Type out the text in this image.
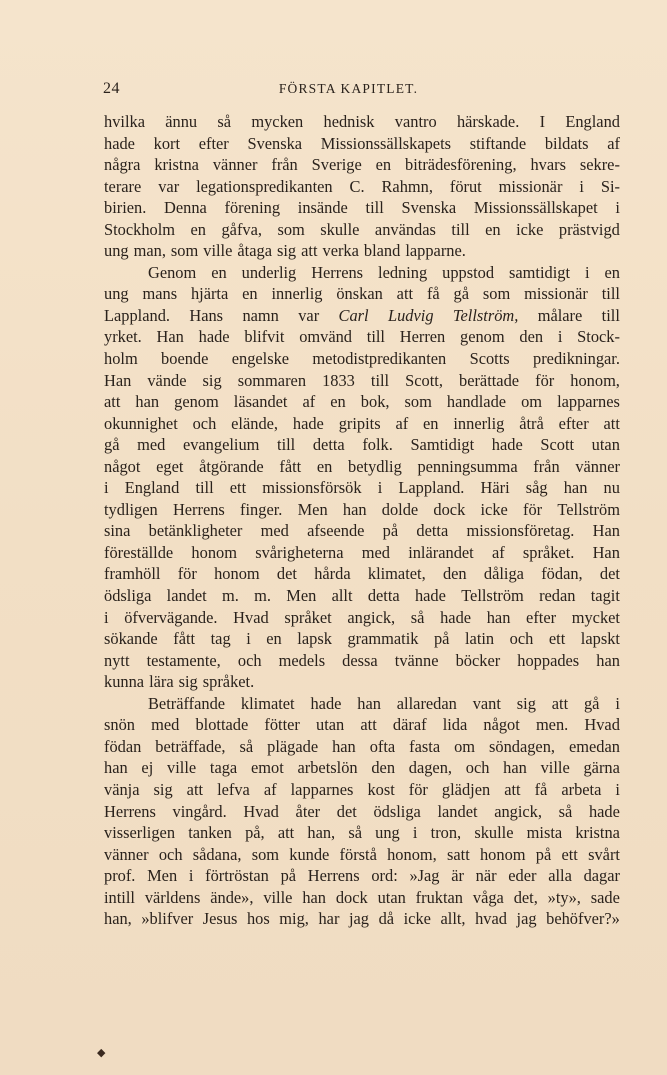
24	FÖRSTA KAPITLET.
hvilka ännu så mycken hednisk vantro härskade. I England
hade kort efter Svenska Missionssällskapets stiftande bildats af
några kristna vänner från Sverige en biträdesförening, hvars sekre-
terare var legationspredikanten C. Rahmn, förut missionär i Si-
birien. Denna förening insände till Svenska Missionssällskapet i
Stockholm en gåfva, som skulle användas till en icke prästvigd
ung man, som ville åtaga sig att verka bland lapparne.
Genom en underlig Herrens ledning uppstod samtidigt i en
ung mans hjärta en innerlig önskan att få gå som missionär till
Lappland. Hans namn var Carl Ludvig Tellström, målare till
yrket. Han hade blifvit omvänd till Herren genom den i Stock-
holm boende engelske metodistpredikanten Scotts predikningar.
Han vände sig sommaren 1833 till Scott, berättade för honom,
att han genom läsandet af en bok, som handlade om lapparnes
okunnighet och elände, hade gripits af en innerlig åtrå efter att
gå med evangelium till detta folk. Samtidigt hade Scott utan
något eget åtgörande fått en betydlig penningsumma från vänner
i England till ett missionsförsök i Lappland. Häri såg han nu
tydligen Herrens finger. Men han dolde dock icke för Tellström
sina betänkligheter med afseende på detta missionsföretag. Han
föreställde honom svårigheterna med inlärandet af språket. Han
framhöll för honom det hårda klimatet, den dåliga födan, det
ödsliga landet m. m. Men allt detta hade Tellström redan tagit
i öfvervägande. Hvad språket angick, så hade han efter mycket
sökande fått tag i en lapsk grammatik på latin och ett lapskt
nytt testamente, och medels dessa tvänne böcker hoppades han
kunna lära sig språket.
Beträffande klimatet hade han allaredan vant sig att gå i
snön med blottade fötter utan att däraf lida något men. Hvad
födan beträffade, så plägade han ofta fasta om söndagen, emedan
han ej ville taga emot arbetslön den dagen, och han ville gärna
vänja sig att lefva af lapparnes kost för glädjen att få arbeta i
Herrens vingård. Hvad åter det ödsliga landet angick, så hade
visserligen tanken på, att han, så ung i tron, skulle mista kristna
vänner och sådana, som kunde förstå honom, satt honom på ett svårt
prof. Men i förtröstan på Herrens ord: »Jag är när eder alla dagar
intill världens ände», ville han dock utan fruktan våga det, »ty», sade
han, »blifver Jesus hos mig, har jag då icke allt, hvad jag behöfver?»
◆
